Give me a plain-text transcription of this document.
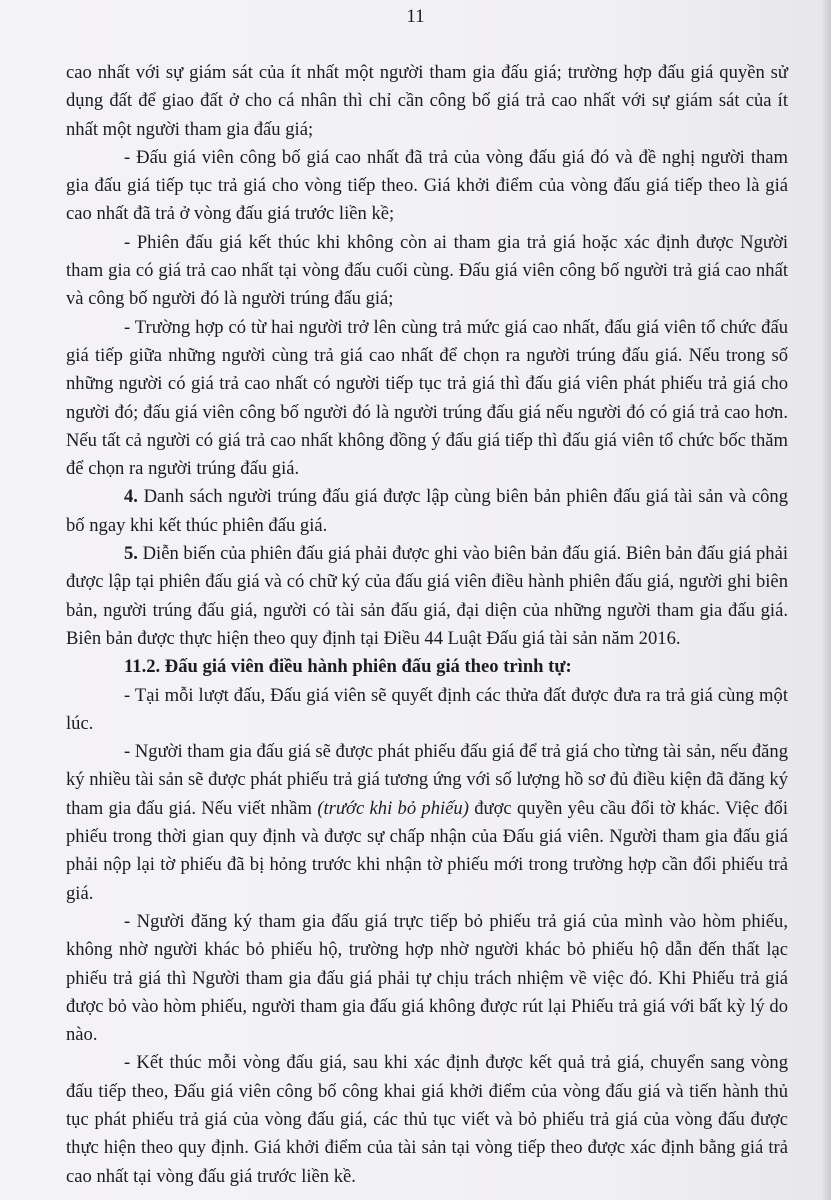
11

cao nhất với sự giám sát của ít nhất một người tham gia đấu giá; trường hợp đấu giá quyền sử dụng đất để giao đất ở cho cá nhân thì chỉ cần công bố giá trả cao nhất với sự giám sát của ít nhất một người tham gia đấu giá;

- Đấu giá viên công bố giá cao nhất đã trả của vòng đấu giá đó và đề nghị người tham gia đấu giá tiếp tục trả giá cho vòng tiếp theo. Giá khởi điểm của vòng đấu giá tiếp theo là giá cao nhất đã trả ở vòng đấu giá trước liền kề;

- Phiên đấu giá kết thúc khi không còn ai tham gia trả giá hoặc xác định được Người tham gia có giá trả cao nhất tại vòng đấu cuối cùng. Đấu giá viên công bố người trả giá cao nhất và công bố người đó là người trúng đấu giá;

- Trường hợp có từ hai người trở lên cùng trả mức giá cao nhất, đấu giá viên tổ chức đấu giá tiếp giữa những người cùng trả giá cao nhất để chọn ra người trúng đấu giá. Nếu trong số những người có giá trả cao nhất có người tiếp tục trả giá thì đấu giá viên phát phiếu trả giá cho người đó; đấu giá viên công bố người đó là người trúng đấu giá nếu người đó có giá trả cao hơn. Nếu tất cả người có giá trả cao nhất không đồng ý đấu giá tiếp thì đấu giá viên tổ chức bốc thăm để chọn ra người trúng đấu giá.

4. Danh sách người trúng đấu giá được lập cùng biên bản phiên đấu giá tài sản và công bố ngay khi kết thúc phiên đấu giá.

5. Diễn biến của phiên đấu giá phải được ghi vào biên bản đấu giá. Biên bản đấu giá phải được lập tại phiên đấu giá và có chữ ký của đấu giá viên điều hành phiên đấu giá, người ghi biên bản, người trúng đấu giá, người có tài sản đấu giá, đại diện của những người tham gia đấu giá. Biên bản được thực hiện theo quy định tại Điều 44 Luật Đấu giá tài sản năm 2016.

11.2. Đấu giá viên điều hành phiên đấu giá theo trình tự:

- Tại mỗi lượt đấu, Đấu giá viên sẽ quyết định các thửa đất được đưa ra trả giá cùng một lúc.

- Người tham gia đấu giá sẽ được phát phiếu đấu giá để trả giá cho từng tài sản, nếu đăng ký nhiều tài sản sẽ được phát phiếu trả giá tương ứng với số lượng hồ sơ đủ điều kiện đã đăng ký tham gia đấu giá. Nếu viết nhầm (trước khi bỏ phiếu) được quyền yêu cầu đổi tờ khác. Việc đổi phiếu trong thời gian quy định và được sự chấp nhận của Đấu giá viên. Người tham gia đấu giá phải nộp lại tờ phiếu đã bị hỏng trước khi nhận tờ phiếu mới trong trường hợp cần đổi phiếu trả giá.

- Người đăng ký tham gia đấu giá trực tiếp bỏ phiếu trả giá của mình vào hòm phiếu, không nhờ người khác bỏ phiếu hộ, trường hợp nhờ người khác bỏ phiếu hộ dẫn đến thất lạc phiếu trả giá thì Người tham gia đấu giá phải tự chịu trách nhiệm về việc đó. Khi Phiếu trả giá được bỏ vào hòm phiếu, người tham gia đấu giá không được rút lại Phiếu trả giá với bất kỳ lý do nào.

- Kết thúc mỗi vòng đấu giá, sau khi xác định được kết quả trả giá, chuyển sang vòng đấu tiếp theo, Đấu giá viên công bố công khai giá khởi điểm của vòng đấu giá và tiến hành thủ tục phát phiếu trả giá của vòng đấu giá, các thủ tục viết và bỏ phiếu trả giá của vòng đấu được thực hiện theo quy định. Giá khởi điểm của tài sản tại vòng tiếp theo được xác định bằng giá trả cao nhất tại vòng đấu giá trước liền kề.
